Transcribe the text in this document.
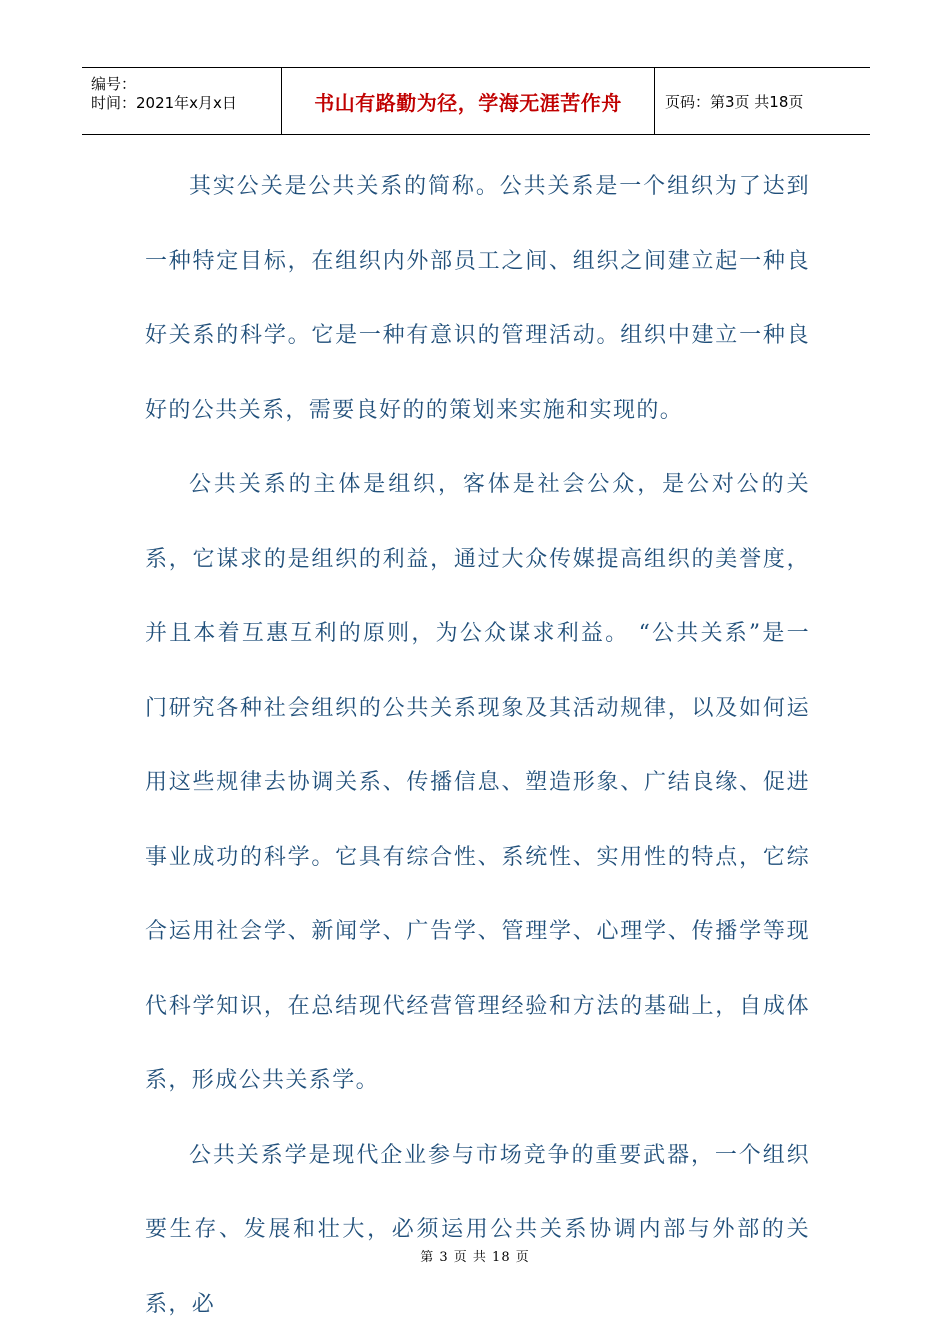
编号：
时间：2021年x月x日	书山有路勤为径，学海无涯苦作舟	页码：第3页 共18页

其实公关是公共关系的简称。公共关系是一个组织为了达到一种特定目标，在组织内外部员工之间、组织之间建立起一种良好关系的科学。它是一种有意识的管理活动。组织中建立一种良好的公共关系，需要良好的的策划来实施和实现的。

公共关系的主体是组织，客体是社会公众，是公对公的关系，它谋求的是组织的利益，通过大众传媒提高组织的美誉度，并且本着互惠互利的原则，为公众谋求利益。 “公共关系”是一门研究各种社会组织的公共关系现象及其活动规律，以及如何运用这些规律去协调关系、传播信息、塑造形象、广结良缘、促进事业成功的科学。它具有综合性、系统性、实用性的特点，它综合运用社会学、新闻学、广告学、管理学、心理学、传播学等现代科学知识，在总结现代经营管理经验和方法的基础上，自成体系，形成公共关系学。

公共关系学是现代企业参与市场竞争的重要武器，一个组织要生存、发展和壮大，必须运用公共关系协调内部与外部的关系，必

第 3 页 共 18 页
